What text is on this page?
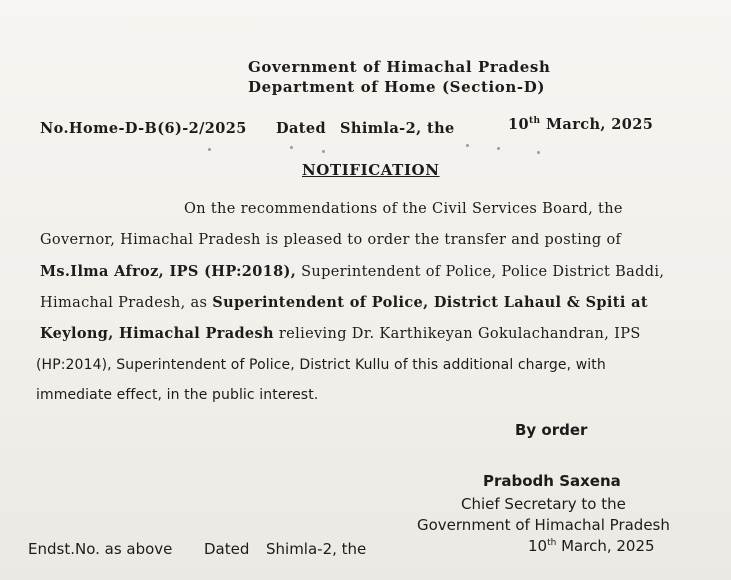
Government of Himachal Pradesh
Department of Home (Section-D)
No.Home-D-B(6)-2/2025 Dated Shimla-2, the	10th March, 2025
NOTIFICATION
On the recommendations of the Civil Services Board, the
Governor, Himachal Pradesh is pleased to order the transfer and posting of
Ms.Ilma Afroz, IPS (HP:2018), Superintendent of Police, Police District Baddi,
Himachal Pradesh, as Superintendent of Police, District Lahaul & Spiti at
Keylong, Himachal Pradesh relieving Dr. Karthikeyan Gokulachandran, IPS
(HP:2014), Superintendent of Police, District Kullu of this additional charge, with
immediate effect, in the public interest.
By order
Prabodh Saxena
Chief Secretary to the
Government of Himachal Pradesh
10th March, 2025
Endst.No. as above Dated Shimla-2, the
